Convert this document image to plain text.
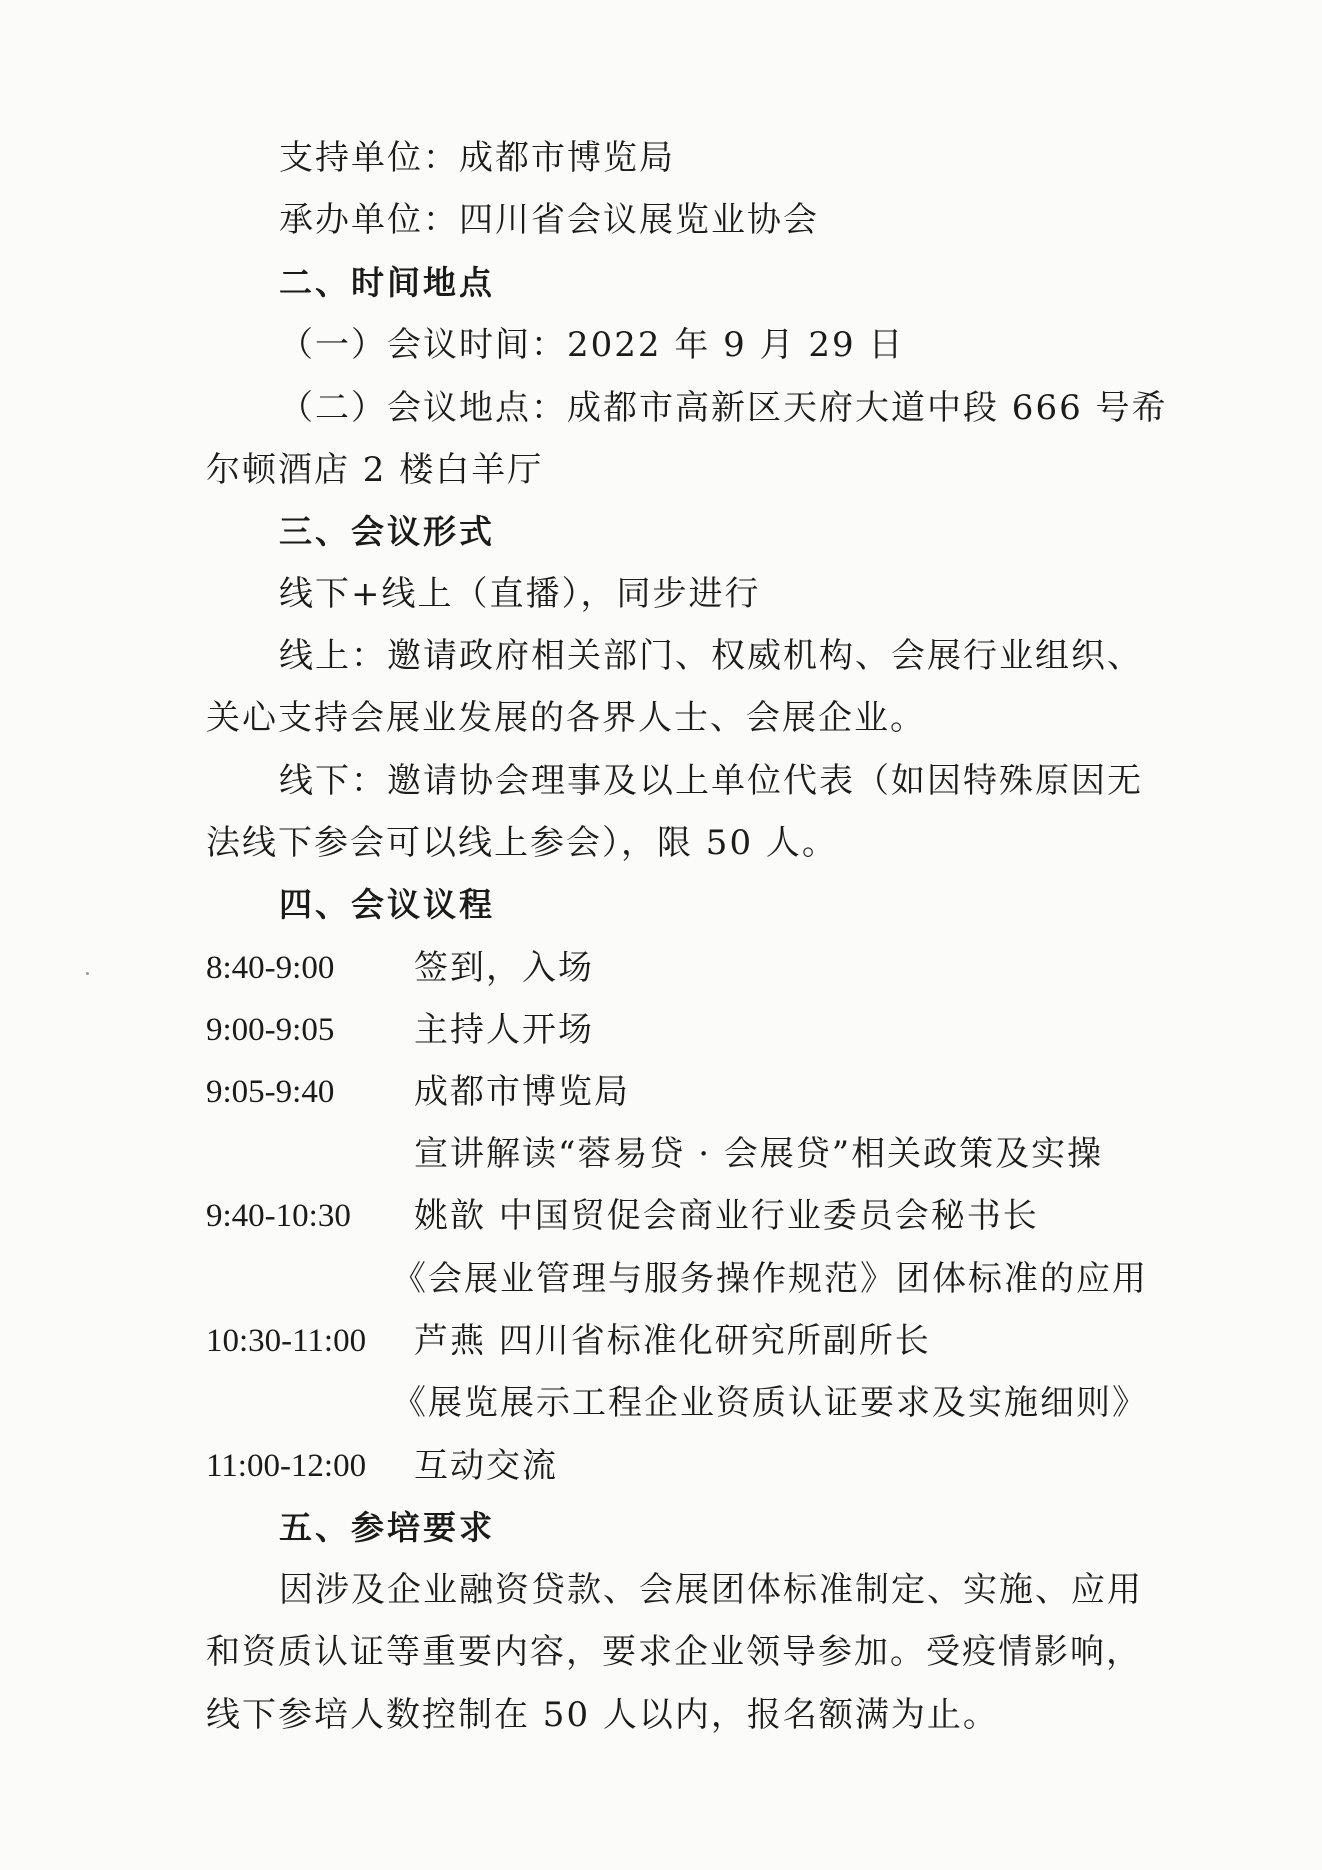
支持单位：成都市博览局
承办单位：四川省会议展览业协会
二、时间地点
（一）会议时间：2022 年 9 月 29 日
（二）会议地点：成都市高新区天府大道中段 666 号希
尔顿酒店 2 楼白羊厅
三、会议形式
线下+线上（直播），同步进行
线上：邀请政府相关部门、权威机构、会展行业组织、
关心支持会展业发展的各界人士、会展企业。
线下：邀请协会理事及以上单位代表（如因特殊原因无
法线下参会可以线上参会），限 50 人。
四、会议议程
8:40-9:00 签到，入场
9:00-9:05 主持人开场
9:05-9:40 成都市博览局
宣讲解读“蓉易贷 · 会展贷”相关政策及实操
9:40-10:30 姚歆 中国贸促会商业行业委员会秘书长
《会展业管理与服务操作规范》团体标准的应用
10:30-11:00 芦燕 四川省标准化研究所副所长
《展览展示工程企业资质认证要求及实施细则》
11:00-12:00 互动交流
五、参培要求
因涉及企业融资贷款、会展团体标准制定、实施、应用
和资质认证等重要内容，要求企业领导参加。受疫情影响，
线下参培人数控制在 50 人以内，报名额满为止。
